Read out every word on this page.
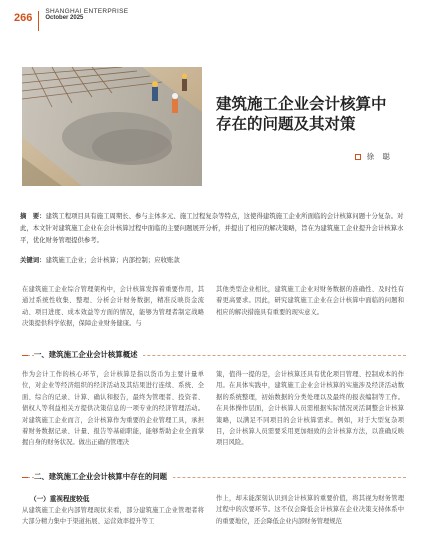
266
SHANGHAI ENTERPRISE
October 2025
建筑施工企业会计核算中
存在的问题及其对策
徐 聪
摘　要：建筑工程项目具有施工周期长、参与主体多元、施工过程复杂等特点，这使得建筑施工企业所面临的会计核算问题十分复杂。对此，本文针对建筑施工企业在会计核算过程中面临的主要问题展开分析，并提出了相应的解决策略，旨在为建筑施工企业提升会计核算水平，优化财务管理提供参考。
关键词：建筑施工企业；会计核算；内部控制；应收账款
在建筑施工企业综合管理架构中，会计核算发挥着重要作用，其通过系统性收集、整理、分析会计财务数据，精准反映资金流动、项目进度、成本效益等方面的情况，能够为管理者制定战略决策提供科学依据，保障企业财务健康。与
其他类型企业相比，建筑施工企业对财务数据的准确性、及时性有着更高要求。因此，研究建筑施工企业在会计核算中面临的问题和相应的解决措施具有重要的现实意义。
一、建筑施工企业会计核算概述
作为会计工作的核心环节，会计核算是指以货币为主要计量单位，对企业等经济组织的经济活动及其结果进行连续、系统、全面、综合的记录、计算、确认和报告，最终为管理者、投资者、债权人等利益相关方提供决策信息的一项专业的经济管理活动。对建筑施工企业而言，会计核算作为重要的企业管理工具，承担着财务数据记录、计量、报告等基础职能，能够帮助企业全面掌握自身的财务状况。做出正确的管理决
策，值得一提的是，会计核算还具有优化项目管理、控制成本的作用。在具体实践中，建筑施工企业会计核算的实施涉及经济活动数据的系统整理，初始数据的分类处理以及最终的报表编制等工作。在具体操作层面，会计核算人员需根据实际情况灵活调整会计核算策略，以满足不同项目的会计核算需求。例如，对于大型复杂项目，会计核算人员需要采用更加细致的会计核算方法，以准确反映项目风险。
二、建筑施工企业会计核算中存在的问题
（一）重视程度较低
从建筑施工企业内部管理现状来看，部分建筑施工企业管理者将大部分精力集中于渠道拓展、运营效率提升等工
作上，却未能深刻认识到会计核算的重要价值，将其视为财务管理过程中的次要环节。这不仅会降低会计核算在企业决策支持体系中的重要地位，还会降低企业内部财务管理规范
